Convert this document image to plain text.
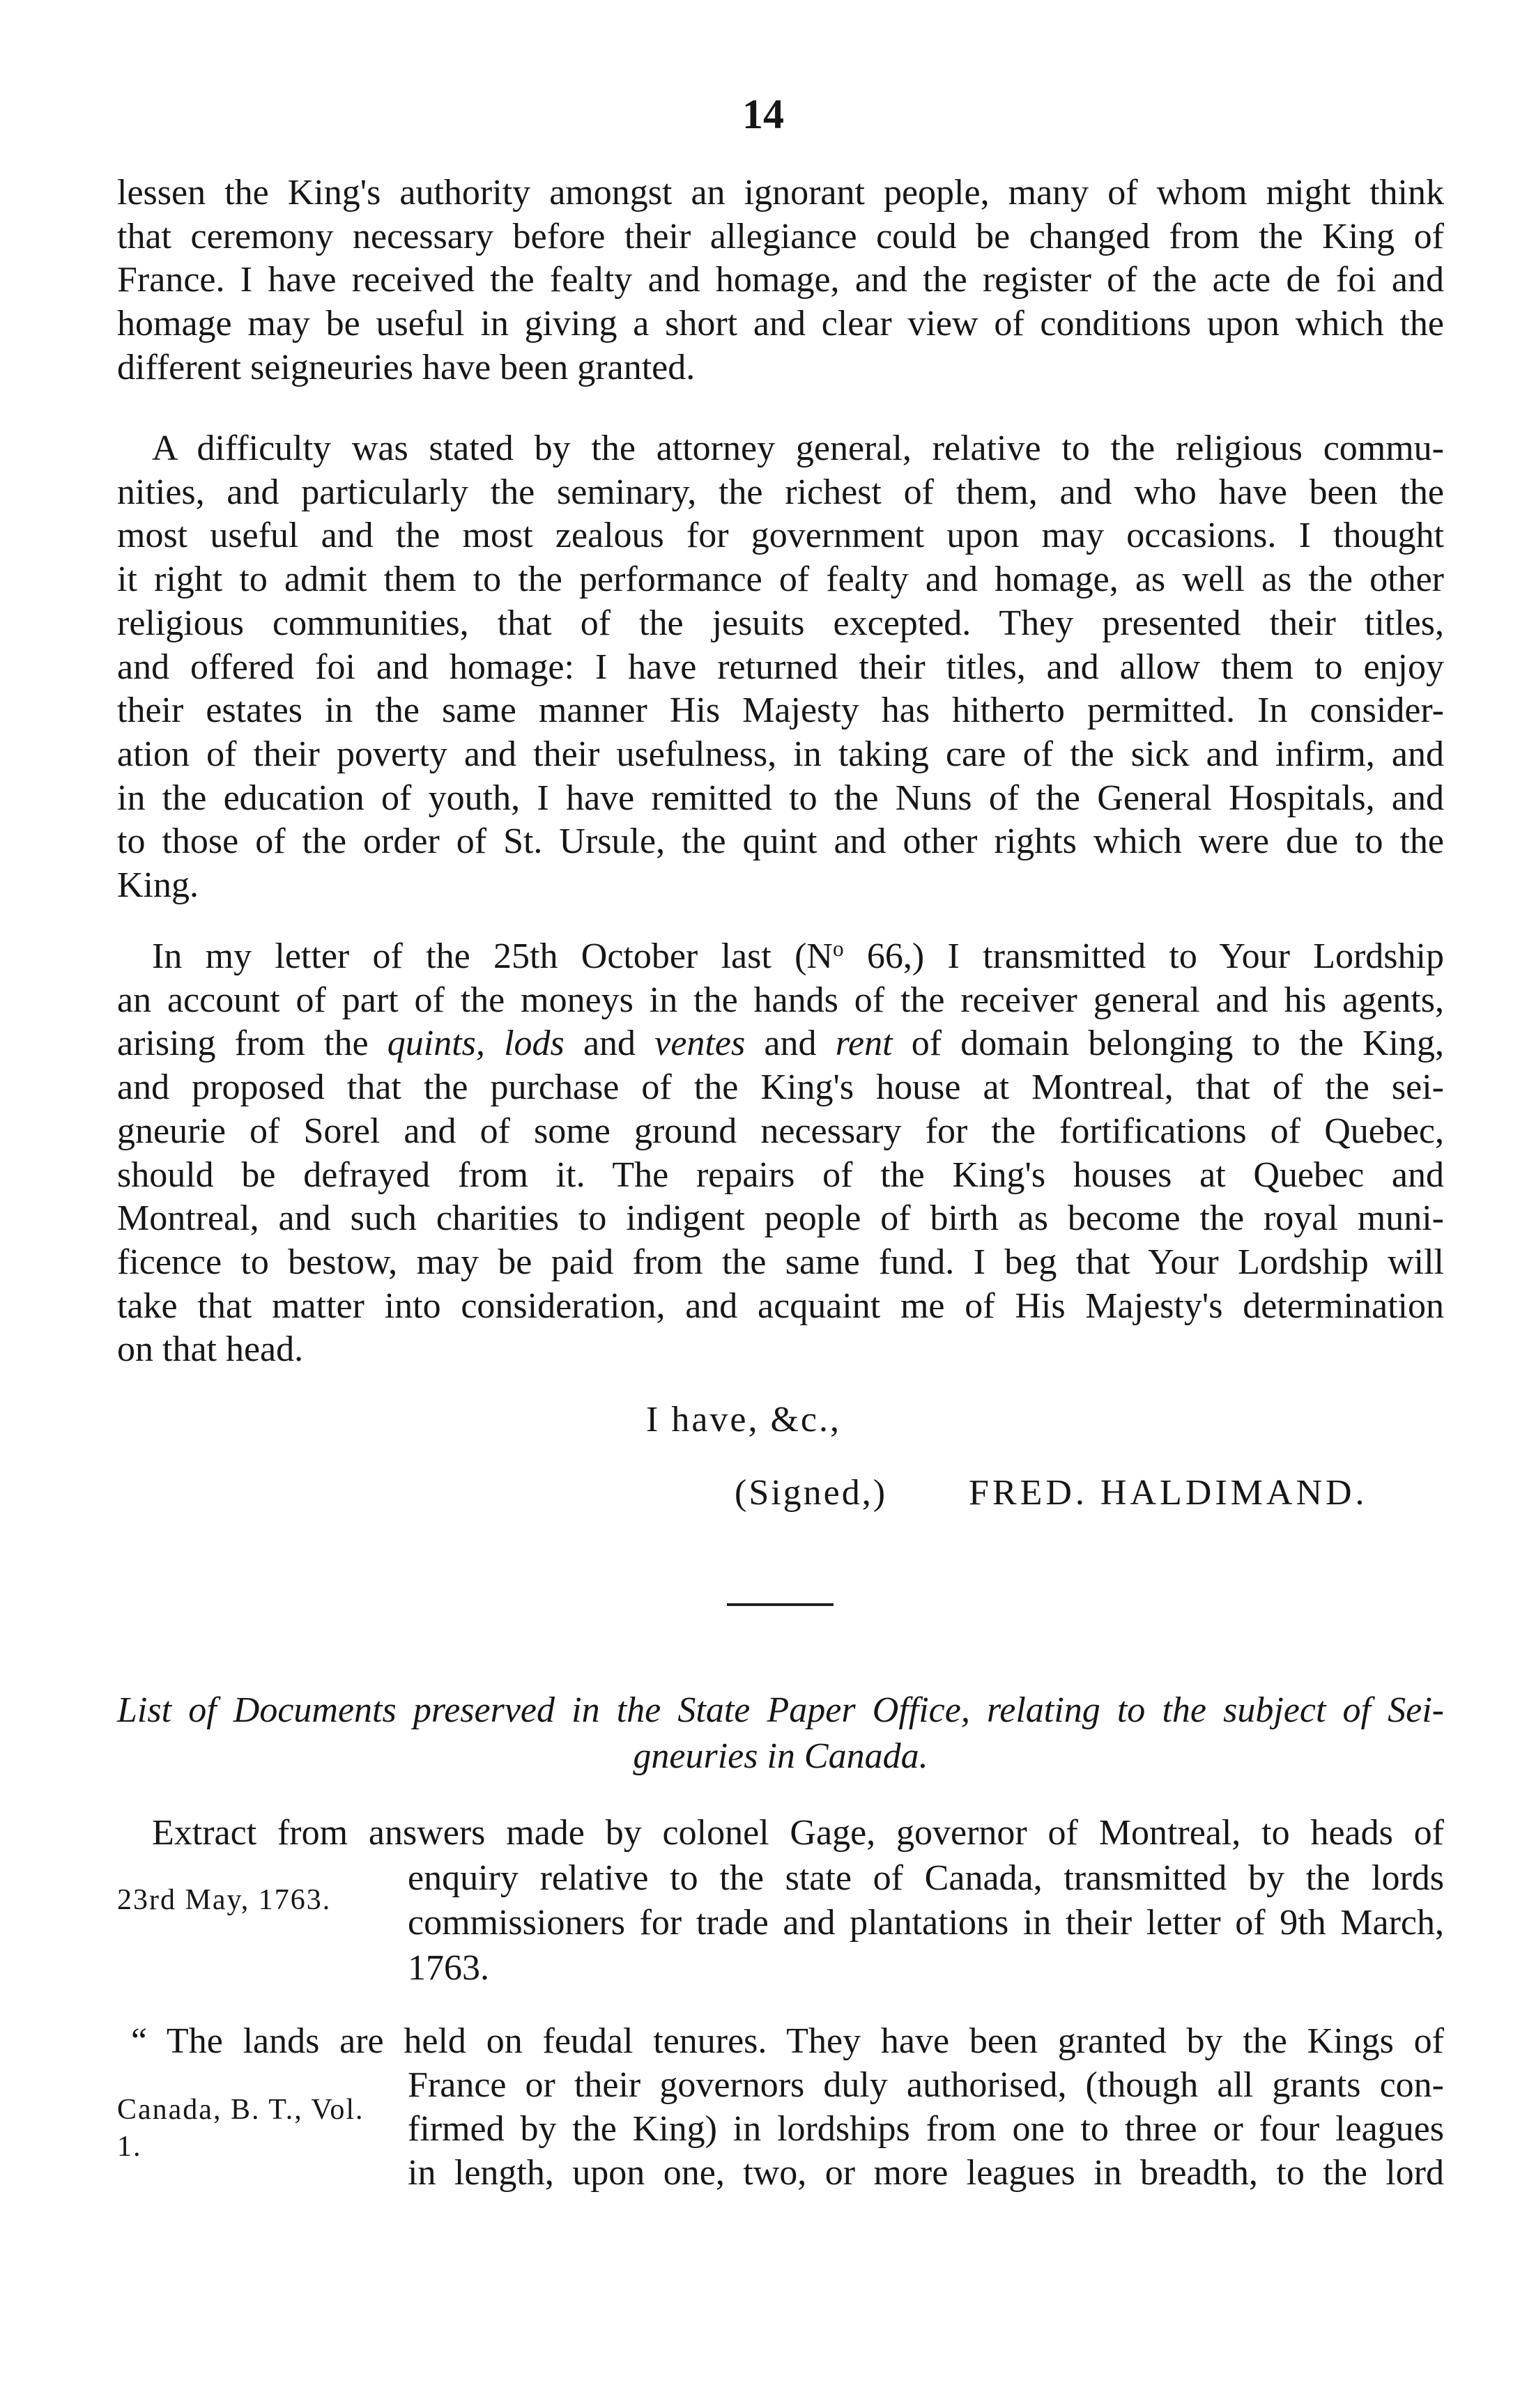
14
lessen the King's authority amongst an ignorant people, many of whom might think
that ceremony necessary before their allegiance could be changed from the King of
France. I have received the fealty and homage, and the register of the acte de foi and
homage may be useful in giving a short and clear view of conditions upon which the
different seigneuries have been granted.
A difficulty was stated by the attorney general, relative to the religious commu-
nities, and particularly the seminary, the richest of them, and who have been the
most useful and the most zealous for government upon may occasions. I thought
it right to admit them to the performance of fealty and homage, as well as the other
religious communities, that of the jesuits excepted. They presented their titles,
and offered foi and homage: I have returned their titles, and allow them to enjoy
their estates in the same manner His Majesty has hitherto permitted. In consider-
ation of their poverty and their usefulness, in taking care of the sick and infirm, and
in the education of youth, I have remitted to the Nuns of the General Hospitals, and
to those of the order of St. Ursule, the quint and other rights which were due to the
King.
In my letter of the 25th October last ($N^o$ 66,) I transmitted to Your Lordship
an account of part of the moneys in the hands of the receiver general and his agents,
arising from the quints, lods and ventes and rent of domain belonging to the King,
and proposed that the purchase of the King's house at Montreal, that of the sei-
gneurie of Sorel and of some ground necessary for the fortifications of Quebec,
should be defrayed from it. The repairs of the King's houses at Quebec and
Montreal, and such charities to indigent people of birth as become the royal muni-
ficence to bestow, may be paid from the same fund. I beg that Your Lordship will
take that matter into consideration, and acquaint me of His Majesty's determination
on that head.
I have, &c.,
(Signed,) FRED. HALDIMAND.
List of Documents preserved in the State Paper Office, relating to the subject of Sei-
gneuries in Canada.
23rd May, 1763.
Extract from answers made by colonel Gage, governor of Montreal, to heads of
enquiry relative to the state of Canada, transmitted by the lords
commissioners for trade and plantations in their letter of 9th March,
1763.
Canada, B. T., Vol.
1.
“ The lands are held on feudal tenures. They have been granted by the Kings of
France or their governors duly authorised, (though all grants con-
firmed by the King) in lordships from one to three or four leagues
in length, upon one, two, or more leagues in breadth, to the lord
